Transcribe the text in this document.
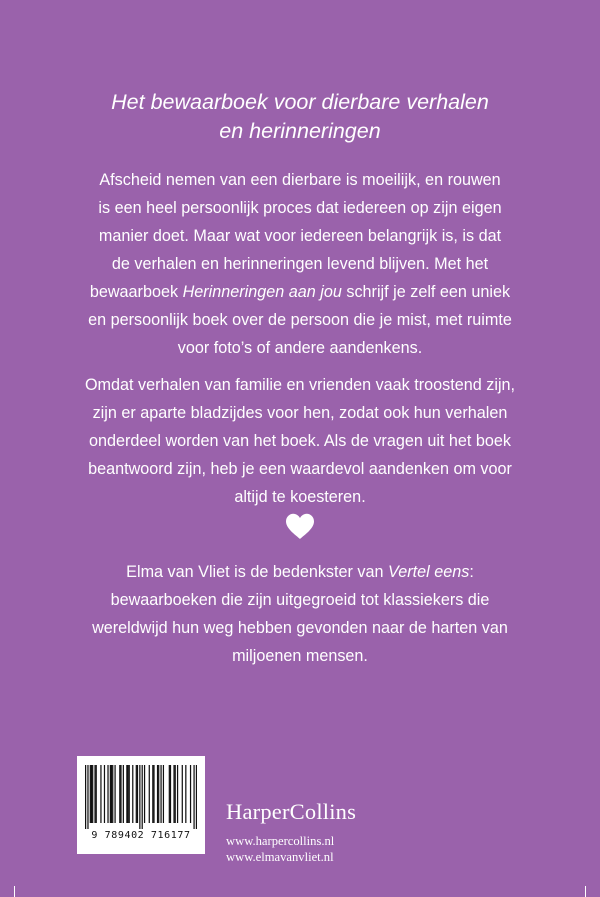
Het bewaarboek voor dierbare verhalen
en herinneringen
Afscheid nemen van een dierbare is moeilijk, en rouwen
is een heel persoonlijk proces dat iedereen op zijn eigen
manier doet. Maar wat voor iedereen belangrijk is, is dat
de verhalen en herinneringen levend blijven. Met het
bewaarboek Herinneringen aan jou schrijf je zelf een uniek
en persoonlijk boek over de persoon die je mist, met ruimte
voor foto’s of andere aandenkens.
Omdat verhalen van familie en vrienden vaak troostend zijn,
zijn er aparte bladzijdes voor hen, zodat ook hun verhalen
onderdeel worden van het boek. Als de vragen uit het boek
beantwoord zijn, heb je een waardevol aandenken om voor
altijd te koesteren.
Elma van Vliet is de bedenkster van Vertel eens:
bewaarboeken die zijn uitgegroeid tot klassiekers die
wereldwijd hun weg hebben gevonden naar de harten van
miljoenen mensen.
9 789402 716177
HarperCollins
www.harpercollins.nl
www.elmavanvliet.nl
